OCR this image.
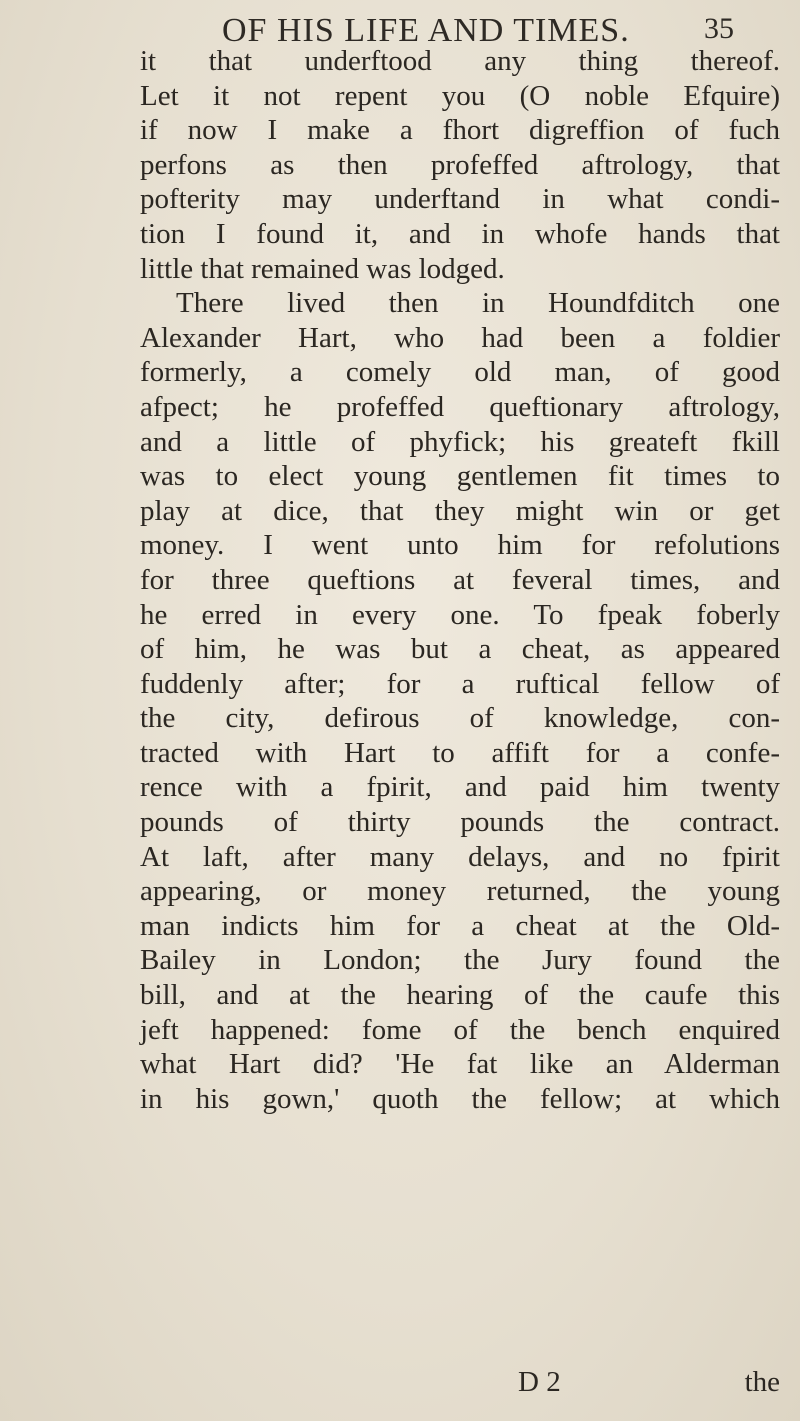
OF HIS LIFE AND TIMES. 35
it that underftood any thing thereof.
Let it not repent you (O noble Efquire)
if now I make a fhort digreffion of fuch
perfons as then profeffed aftrology, that
pofterity may underftand in what condi-
tion I found it, and in whofe hands that
little that remained was lodged.
There lived then in Houndfditch one
Alexander Hart, who had been a foldier
formerly, a comely old man, of good
afpect; he profeffed queftionary aftrology,
and a little of phyfick; his greateft fkill
was to elect young gentlemen fit times to
play at dice, that they might win or get
money. I went unto him for refolutions
for three queftions at feveral times, and
he erred in every one. To fpeak foberly
of him, he was but a cheat, as appeared
fuddenly after; for a ruftical fellow of
the city, defirous of knowledge, con-
tracted with Hart to affift for a confe-
rence with a fpirit, and paid him twenty
pounds of thirty pounds the contract.
At laft, after many delays, and no fpirit
appearing, or money returned, the young
man indicts him for a cheat at the Old-
Bailey in London; the Jury found the
bill, and at the hearing of the caufe this
jeft happened: fome of the bench enquired
what Hart did? 'He fat like an Alderman
in his gown,' quoth the fellow; at which
D 2	the
